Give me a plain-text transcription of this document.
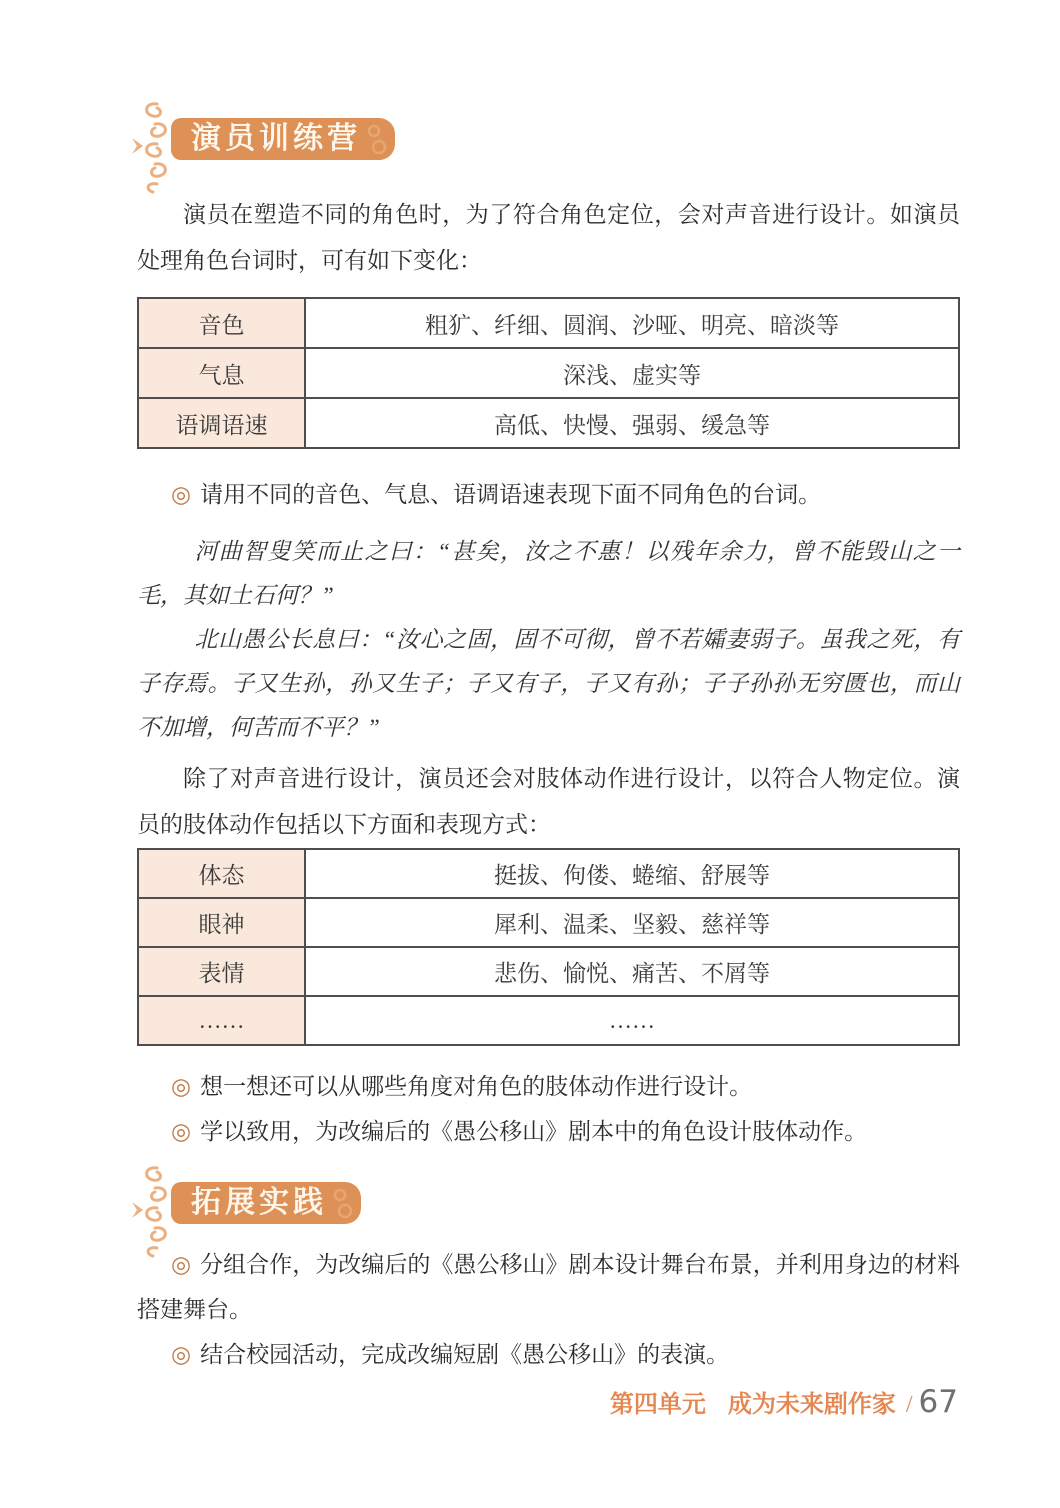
演员训练营

演员在塑造不同的角色时，为了符合角色定位，会对声音进行设计。如演员处理角色台词时，可有如下变化：

音色	粗犷、纤细、圆润、沙哑、明亮、暗淡等
气息	深浅、虚实等
语调语速	高低、快慢、强弱、缓急等

◎ 请用不同的音色、气息、语调语速表现下面不同角色的台词。

河曲智叟笑而止之曰：“甚矣，汝之不惠！以残年余力，曾不能毁山之一毛，其如土石何？”

北山愚公长息曰：“汝心之固，固不可彻，曾不若孀妻弱子。虽我之死，有子存焉。子又生孙，孙又生子；子又有子，子又有孙；子子孙孙无穷匮也，而山不加增，何苦而不平？”

除了对声音进行设计，演员还会对肢体动作进行设计，以符合人物定位。演员的肢体动作包括以下方面和表现方式：

体态	挺拔、佝偻、蜷缩、舒展等
眼神	犀利、温柔、坚毅、慈祥等
表情	悲伤、愉悦、痛苦、不屑等
……	……

◎ 想一想还可以从哪些角度对角色的肢体动作进行设计。

◎ 学以致用，为改编后的《愚公移山》剧本中的角色设计肢体动作。

拓展实践

◎ 分组合作，为改编后的《愚公移山》剧本设计舞台布景，并利用身边的材料搭建舞台。

◎ 结合校园活动，完成改编短剧《愚公移山》的表演。

第四单元 成为未来剧作家 / 67
